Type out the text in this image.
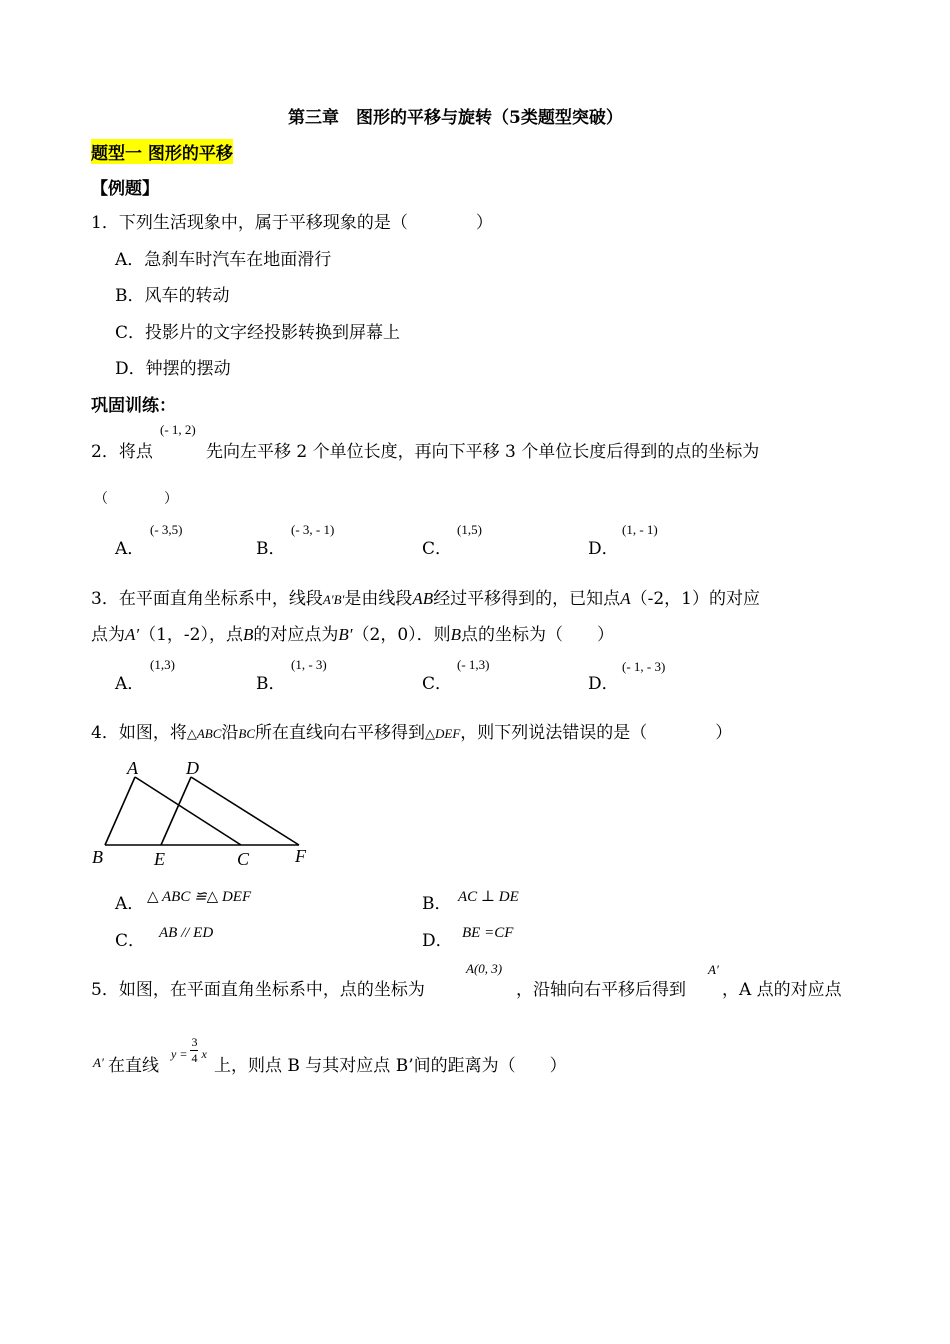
第三章　图形的平移与旋转（5类题型突破）
题型一 图形的平移
【例题】
1．下列生活现象中，属于平移现象的是（　　　　）
A．急刹车时汽车在地面滑行
B．风车的转动
C．投影片的文字经投影转换到屏幕上
D．钟摆的摆动
巩固训练：
2．将点
(- 1, 2)
先向左平移 2 个单位长度，再向下平移 3 个单位长度后得到的点的坐标为
（　　　　）
A．
(- 3,5)
B．
(- 3, - 1)
C．
(1,5)
D．
(1, - 1)
3．在平面直角坐标系中，线段A′B′是由线段AB经过平移得到的，已知点A（-2，1）的对应
点为A′（1，-2），点B的对应点为B′（2，0）．则B点的坐标为（　　）
A．
(1,3)
B．
(1, - 3)
C．
(- 1,3)
D．
(- 1, - 3)
4．如图，将△ABC沿BC所在直线向右平移得到△DEF，则下列说法错误的是（　　　　）
A	D
B	E	C	F
A． △ ABC ≌△ DEF	B． AC ⊥ DE
C． AB // ED	D． BE =CF
5．如图，在平面直角坐标系中，点的坐标为
A(0, 3)
，沿轴向右平移后得到
A′
，A 点的对应点
A′ 在直线
$y = \frac{3}{4}$ x
上，则点 B 与其对应点 B’间的距离为（　　）
